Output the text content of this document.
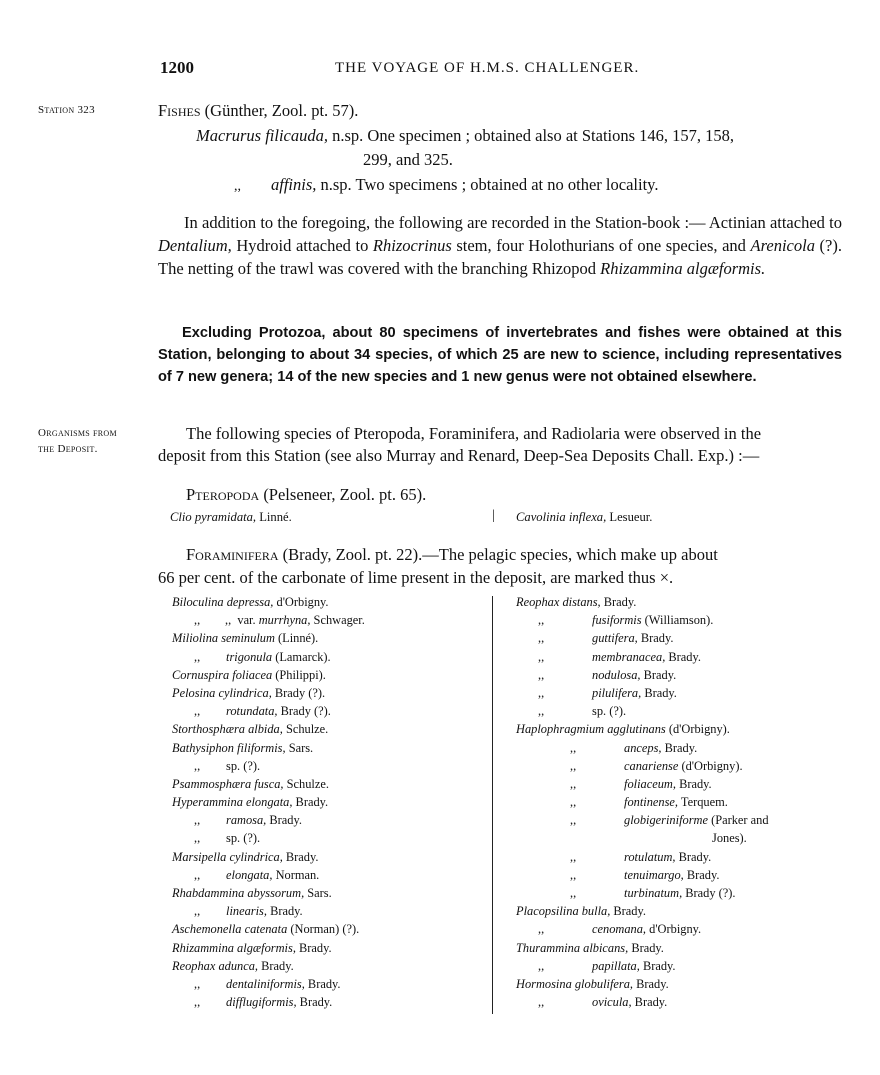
1200	THE VOYAGE OF H.M.S. CHALLENGER.
Station 323
Organisms from
the Deposit.
Fishes (Günther, Zool. pt. 57).
Macrurus filicauda, n.sp. One specimen ; obtained also at Stations 146, 157, 158,
299, and 325.
,, affinis, n.sp. Two specimens ; obtained at no other locality.
In addition to the foregoing, the following are recorded in the Station-book :— Actinian attached to Dentalium, Hydroid attached to Rhizocrinus stem, four Holothurians of one species, and Arenicola (?). The netting of the trawl was covered with the branching Rhizopod Rhizammina algæformis.
Excluding Protozoa, about 80 specimens of invertebrates and fishes were obtained at this Station, belonging to about 34 species, of which 25 are new to science, including representatives of 7 new genera; 14 of the new species and 1 new genus were not obtained elsewhere.
The following species of Pteropoda, Foraminifera, and Radiolaria were observed in the
deposit from this Station (see also Murray and Renard, Deep-Sea Deposits Chall. Exp.) :—
Pteropoda (Pelseneer, Zool. pt. 65).
Clio pyramidata, Linné.	| Cavolinia inflexa, Lesueur.
Foraminifera (Brady, Zool. pt. 22).—The pelagic species, which make up about
66 per cent. of the carbonate of lime present in the deposit, are marked thus ×.
Biloculina depressa, d'Orbigny.
,,        ,,  var. murrhyna, Schwager.
Miliolina seminulum (Linné).
,, trigonula (Lamarck).
Cornuspira foliacea (Philippi).
Pelosina cylindrica, Brady (?).
,, rotundata, Brady (?).
Storthosphæra albida, Schulze.
Bathysiphon filiformis, Sars.
,, sp. (?).
Psammosphæra fusca, Schulze.
Hyperammina elongata, Brady.
,, ramosa, Brady.
,, sp. (?).
Marsipella cylindrica, Brady.
,, elongata, Norman.
Rhabdammina abyssorum, Sars.
,, linearis, Brady.
Aschemonella catenata (Norman) (?).
Rhizammina algæformis, Brady.
Reophax adunca, Brady.
,, dentaliniformis, Brady.
,, difflugiformis, Brady.
Reophax distans, Brady.
,,	fusiformis (Williamson).
,,	guttifera, Brady.
,,	membranacea, Brady.
,,	nodulosa, Brady.
,,	pilulifera, Brady.
,,	sp. (?).
Haplophragmium agglutinans (d'Orbigny).
,,	anceps, Brady.
,,	canariense (d'Orbigny).
,,	foliaceum, Brady.
,,	fontinense, Terquem.
,,	globigeriniforme (Parker and
Jones).
,,	rotulatum, Brady.
,,	tenuimargo, Brady.
,,	turbinatum, Brady (?).
Placopsilina bulla, Brady.
,,	cenomana, d'Orbigny.
Thurammina albicans, Brady.
,,	papillata, Brady.
Hormosina globulifera, Brady.
,,	ovicula, Brady.
